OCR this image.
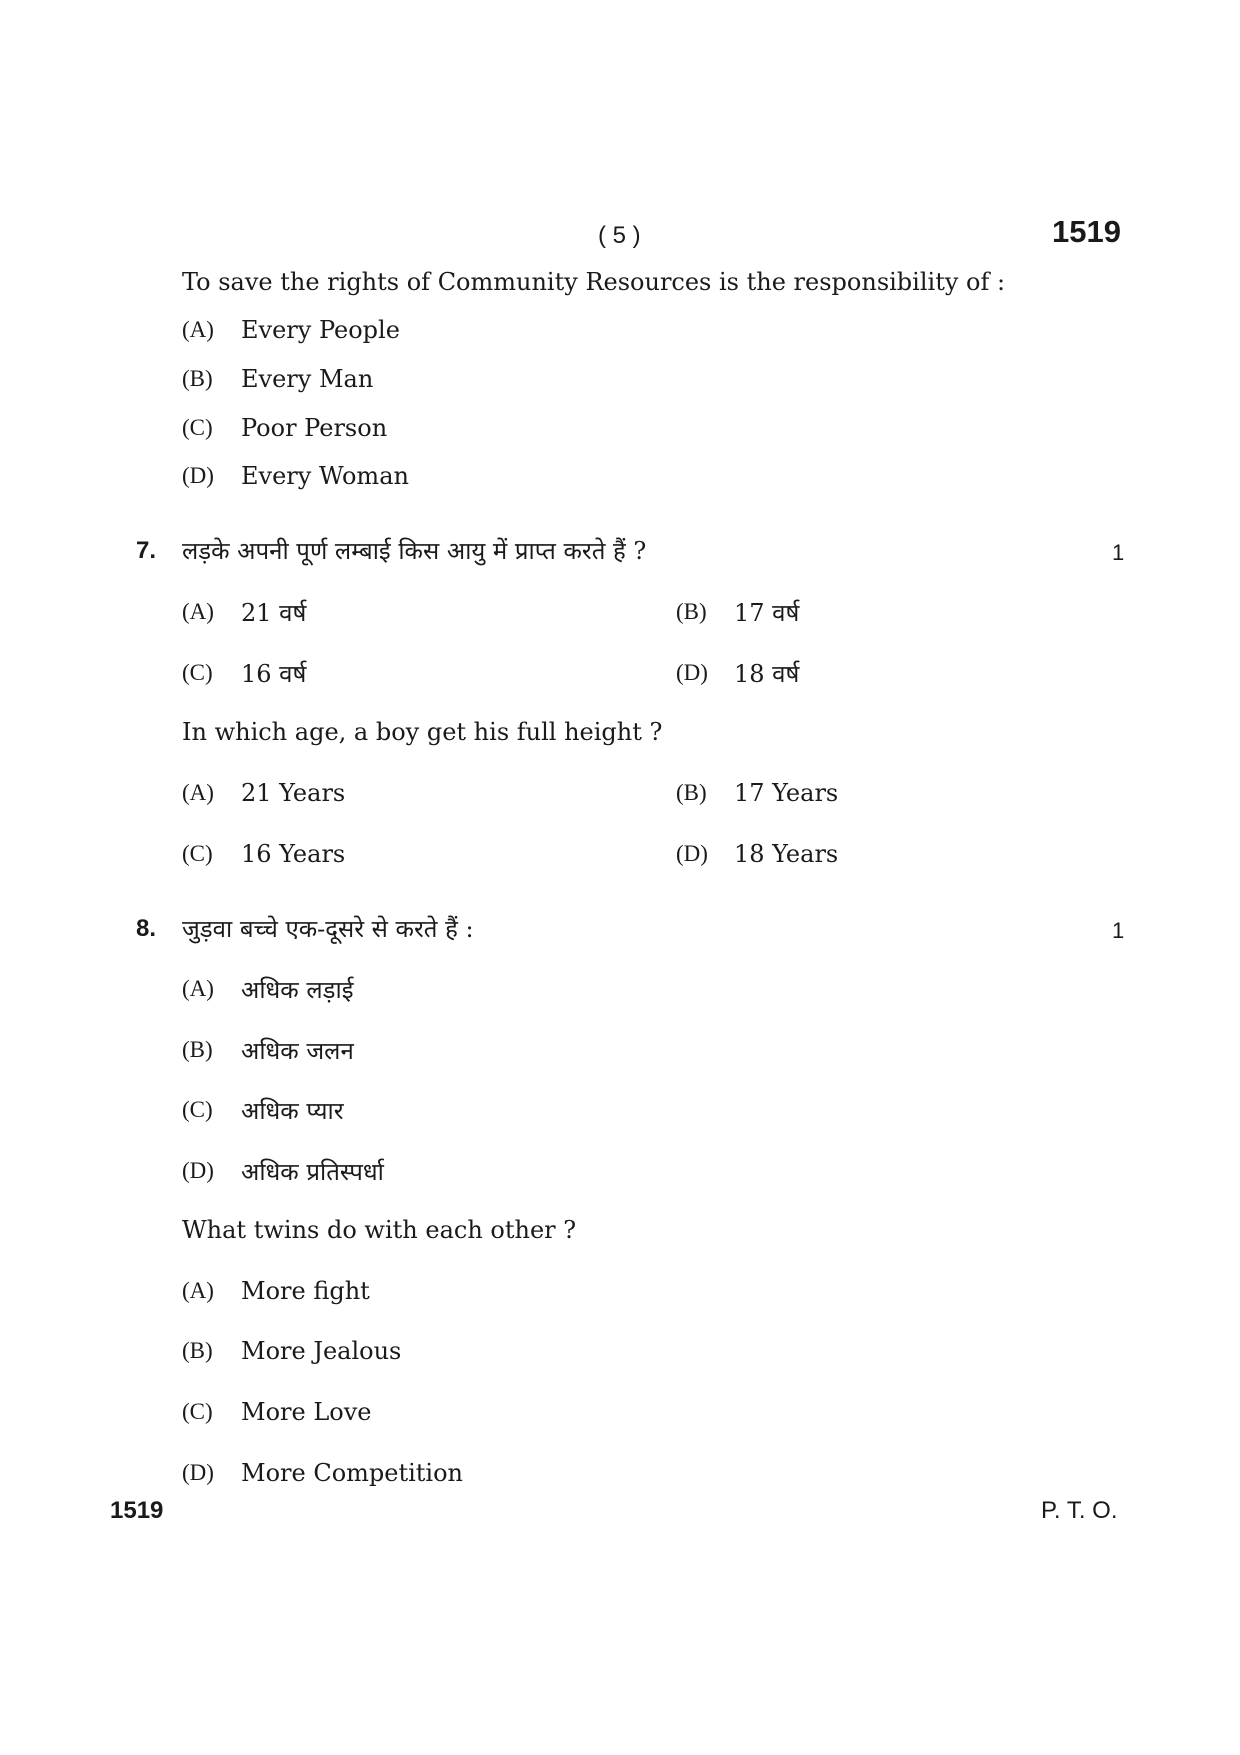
( 5 )	1519
To save the rights of Community Resources is the responsibility of :
(A) Every People
(B) Every Man
(C) Poor Person
(D) Every Woman
7. लड़के अपनी पूर्ण लम्बाई किस आयु में प्राप्त करते हैं ?	1
(A) 21 वर्ष	(B) 17 वर्ष
(C) 16 वर्ष	(D) 18 वर्ष
In which age, a boy get his full height ?
(A) 21 Years	(B) 17 Years
(C) 16 Years	(D) 18 Years
8. जुड़वा बच्चे एक-दूसरे से करते हैं :	1
(A) अधिक लड़ाई
(B) अधिक जलन
(C) अधिक प्यार
(D) अधिक प्रतिस्पर्धा
What twins do with each other ?
(A) More fight
(B) More Jealous
(C) More Love
(D) More Competition
1519	P. T. O.
